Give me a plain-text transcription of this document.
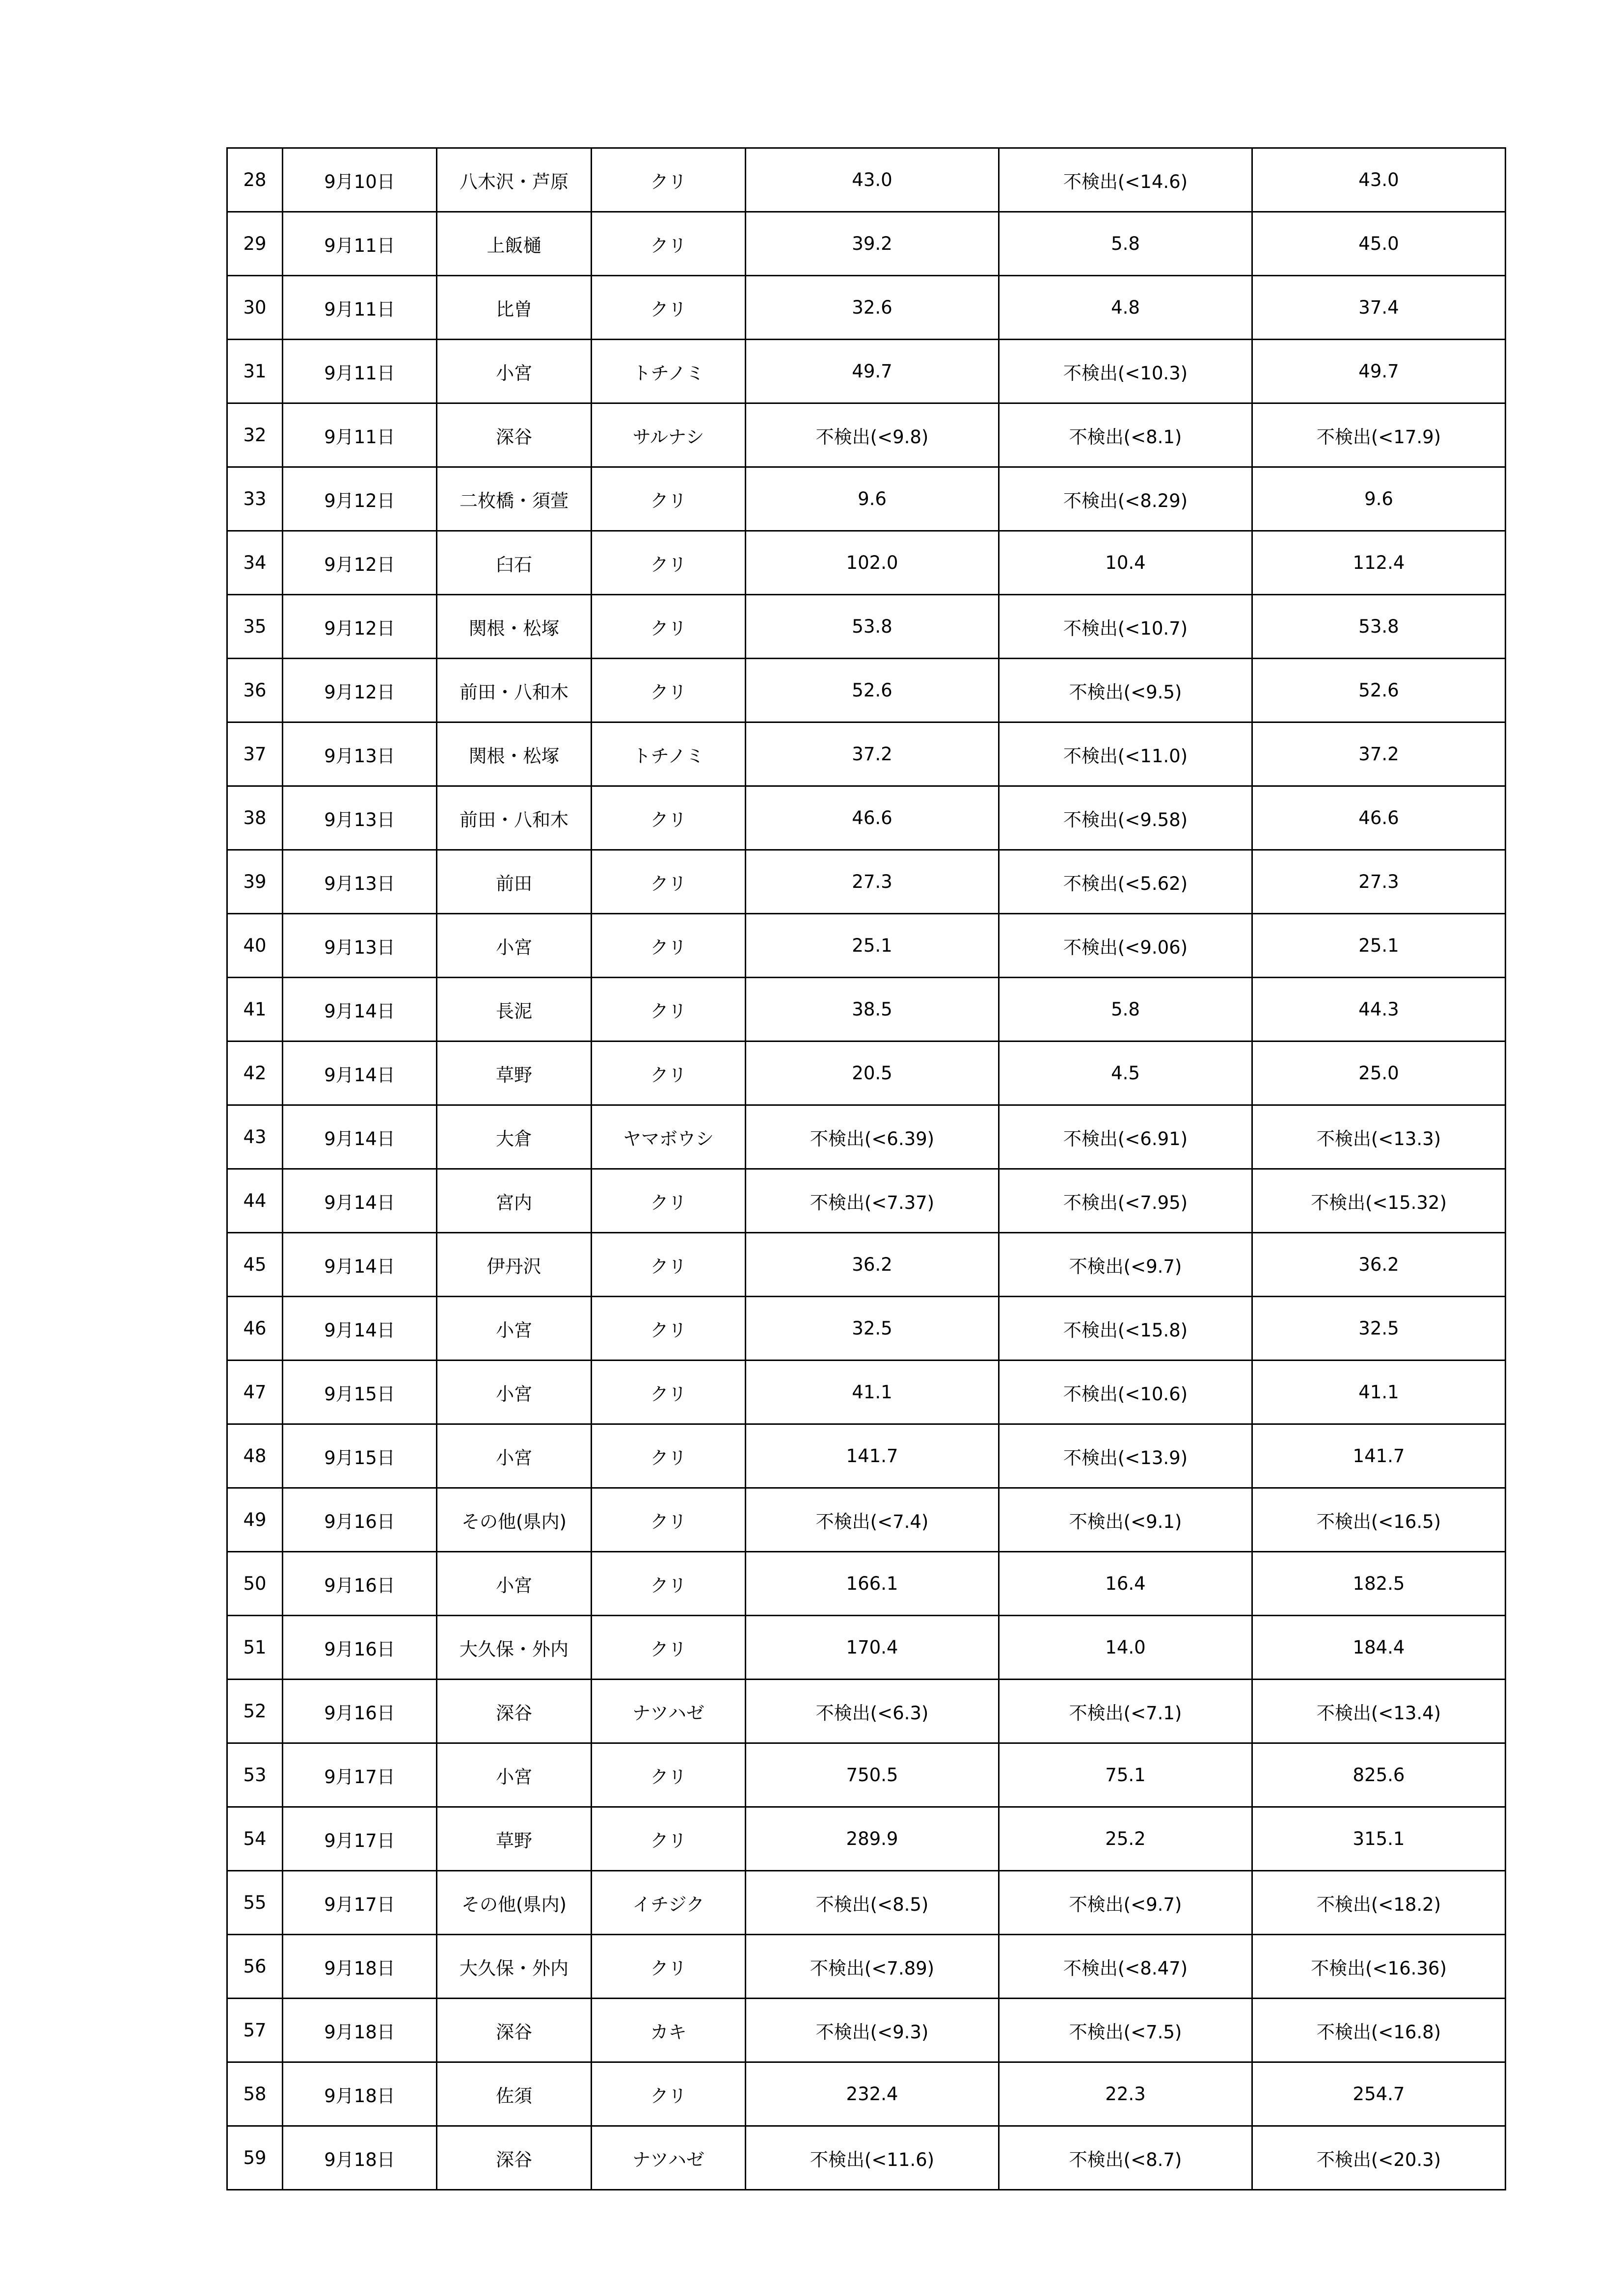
28	9月10日	八木沢・芦原	クリ	43.0	不検出(<14.6)	43.0
29	9月11日	上飯樋	クリ	39.2	5.8	45.0
30	9月11日	比曽	クリ	32.6	4.8	37.4
31	9月11日	小宮	トチノミ	49.7	不検出(<10.3)	49.7
32	9月11日	深谷	サルナシ	不検出(<9.8)	不検出(<8.1)	不検出(<17.9)
33	9月12日	二枚橋・須萱	クリ	9.6	不検出(<8.29)	9.6
34	9月12日	臼石	クリ	102.0	10.4	112.4
35	9月12日	関根・松塚	クリ	53.8	不検出(<10.7)	53.8
36	9月12日	前田・八和木	クリ	52.6	不検出(<9.5)	52.6
37	9月13日	関根・松塚	トチノミ	37.2	不検出(<11.0)	37.2
38	9月13日	前田・八和木	クリ	46.6	不検出(<9.58)	46.6
39	9月13日	前田	クリ	27.3	不検出(<5.62)	27.3
40	9月13日	小宮	クリ	25.1	不検出(<9.06)	25.1
41	9月14日	長泥	クリ	38.5	5.8	44.3
42	9月14日	草野	クリ	20.5	4.5	25.0
43	9月14日	大倉	ヤマボウシ	不検出(<6.39)	不検出(<6.91)	不検出(<13.3)
44	9月14日	宮内	クリ	不検出(<7.37)	不検出(<7.95)	不検出(<15.32)
45	9月14日	伊丹沢	クリ	36.2	不検出(<9.7)	36.2
46	9月14日	小宮	クリ	32.5	不検出(<15.8)	32.5
47	9月15日	小宮	クリ	41.1	不検出(<10.6)	41.1
48	9月15日	小宮	クリ	141.7	不検出(<13.9)	141.7
49	9月16日	その他(県内)	クリ	不検出(<7.4)	不検出(<9.1)	不検出(<16.5)
50	9月16日	小宮	クリ	166.1	16.4	182.5
51	9月16日	大久保・外内	クリ	170.4	14.0	184.4
52	9月16日	深谷	ナツハゼ	不検出(<6.3)	不検出(<7.1)	不検出(<13.4)
53	9月17日	小宮	クリ	750.5	75.1	825.6
54	9月17日	草野	クリ	289.9	25.2	315.1
55	9月17日	その他(県内)	イチジク	不検出(<8.5)	不検出(<9.7)	不検出(<18.2)
56	9月18日	大久保・外内	クリ	不検出(<7.89)	不検出(<8.47)	不検出(<16.36)
57	9月18日	深谷	カキ	不検出(<9.3)	不検出(<7.5)	不検出(<16.8)
58	9月18日	佐須	クリ	232.4	22.3	254.7
59	9月18日	深谷	ナツハゼ	不検出(<11.6)	不検出(<8.7)	不検出(<20.3)
